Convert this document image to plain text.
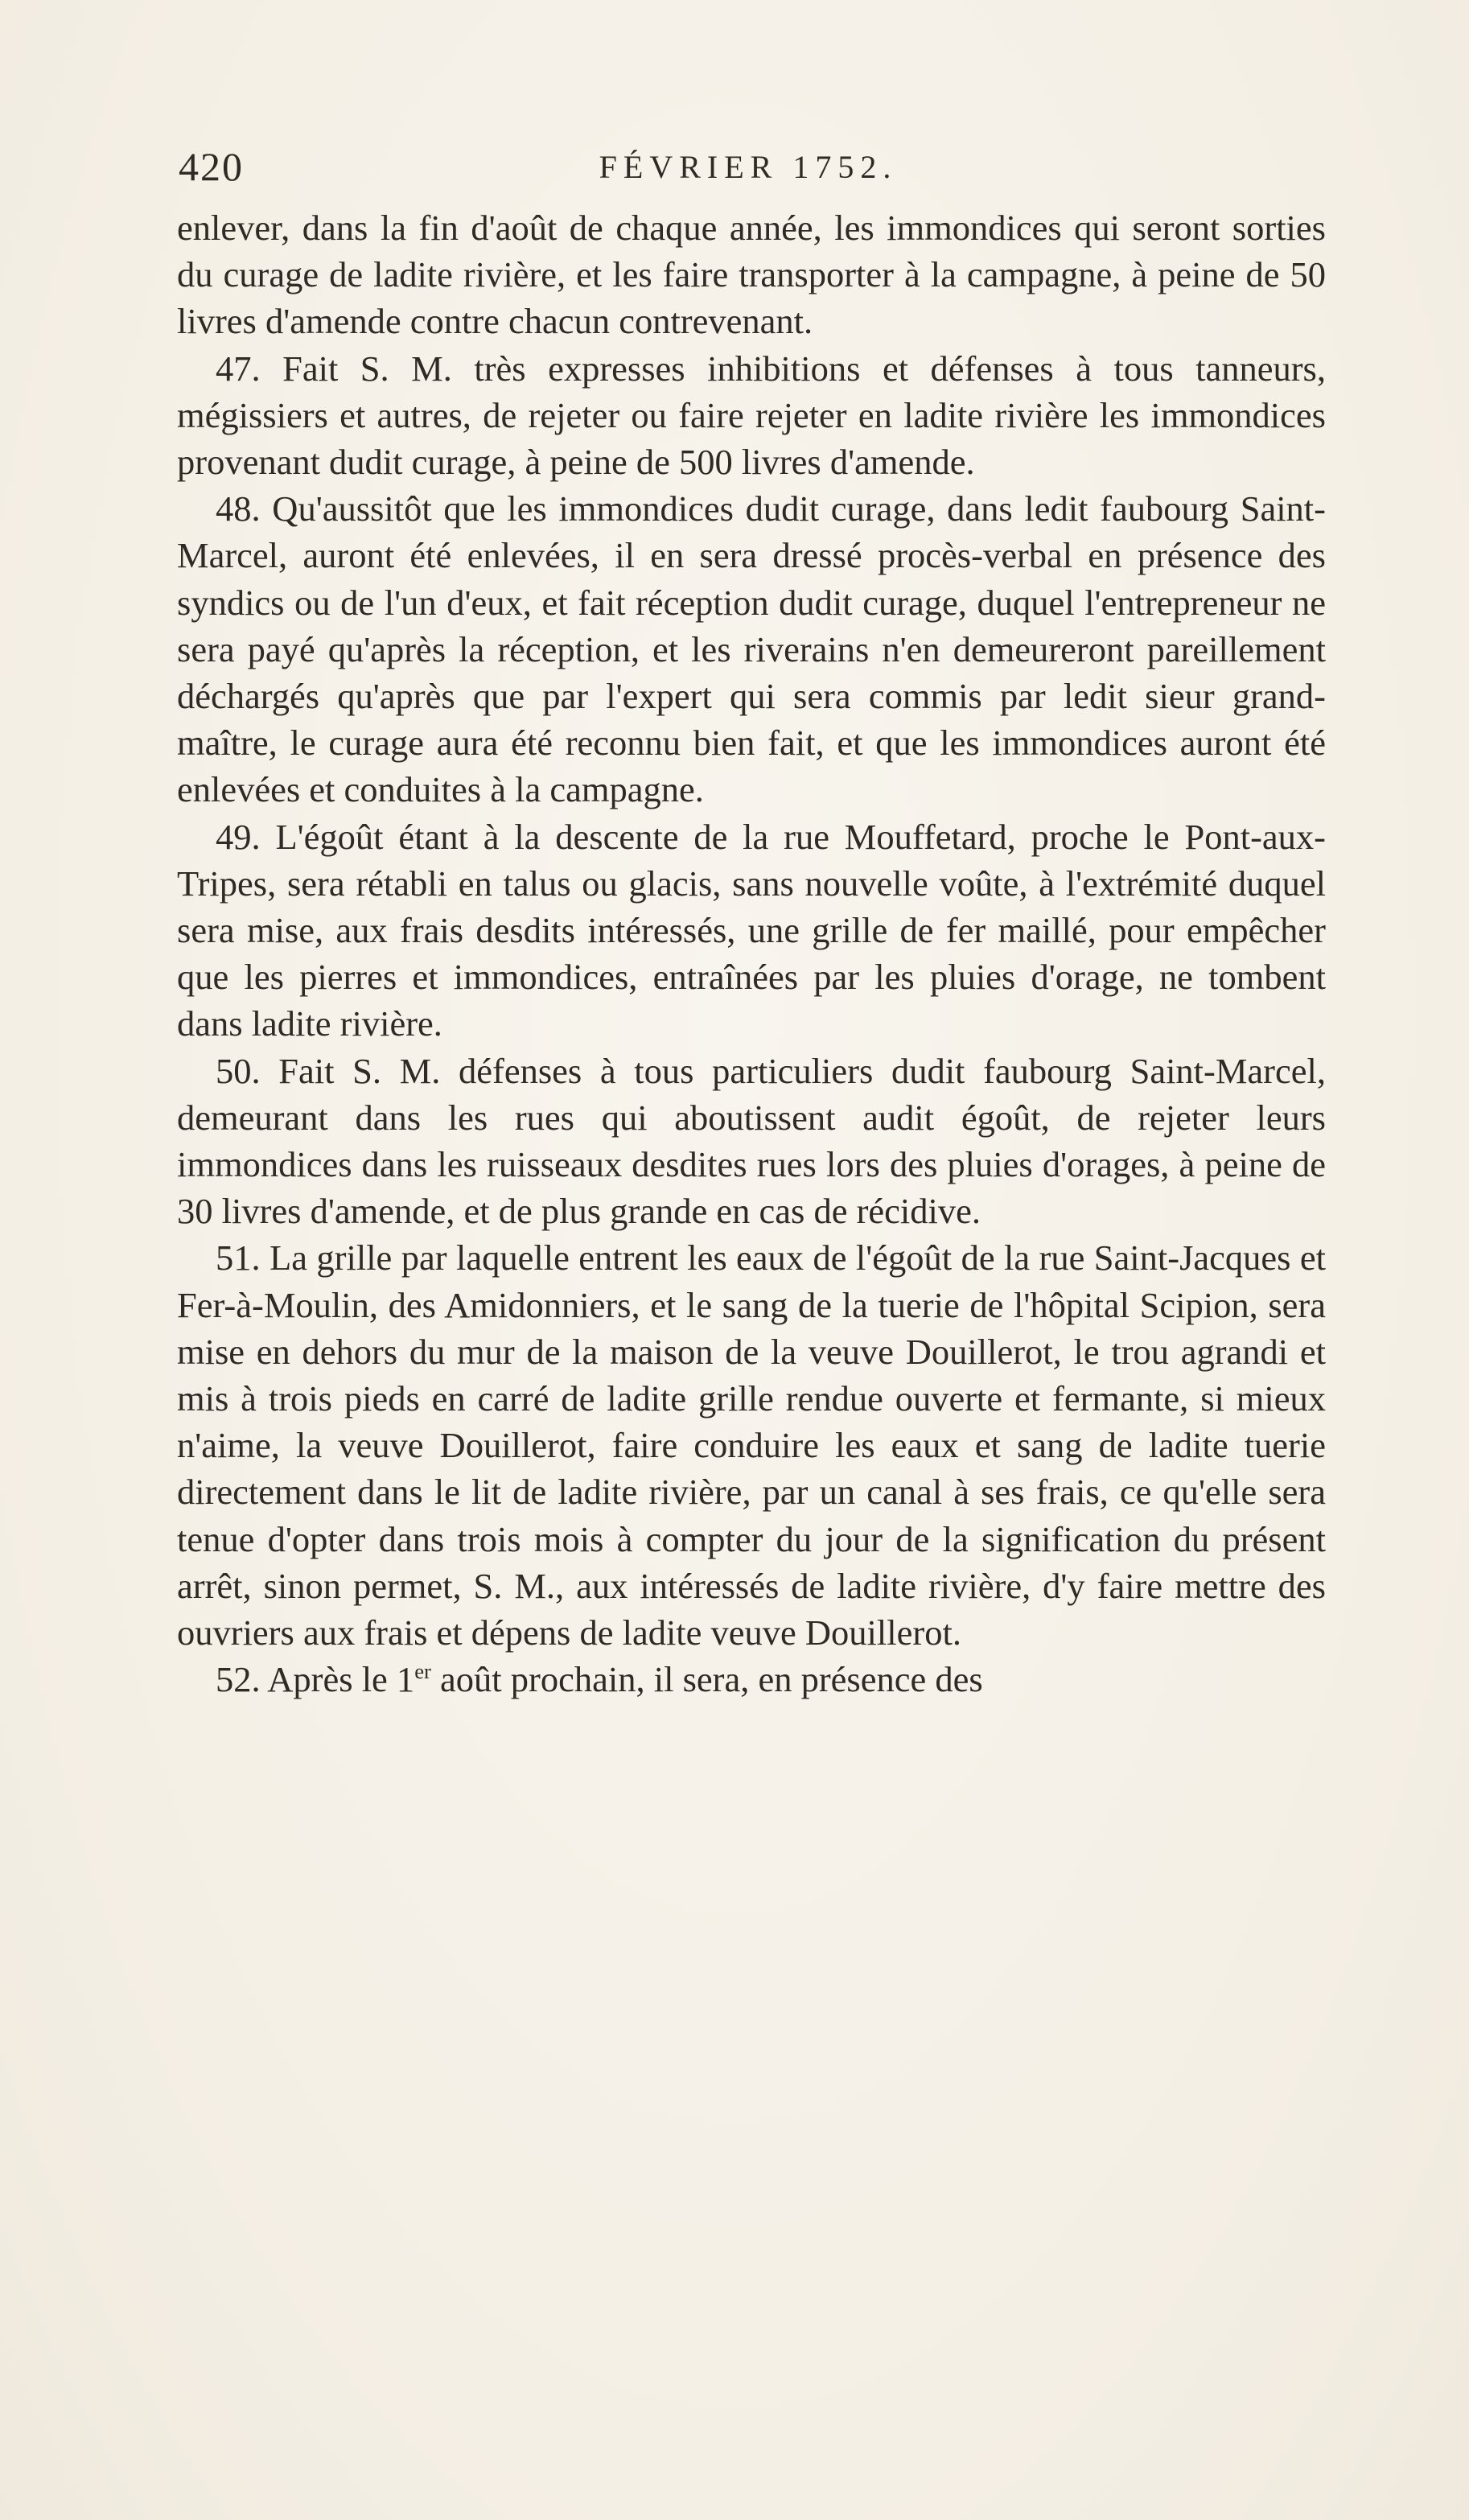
420	FÉVRIER 1752.

enlever, dans la fin d'août de chaque année, les immondices qui seront sorties du curage de ladite rivière, et les faire transporter à la campagne, à peine de 50 livres d'amende contre chacun contrevenant.

47. Fait S. M. très expresses inhibitions et défenses à tous tanneurs, mégissiers et autres, de rejeter ou faire rejeter en ladite rivière les immondices provenant dudit curage, à peine de 500 livres d'amende.

48. Qu'aussitôt que les immondices dudit curage, dans ledit faubourg Saint-Marcel, auront été enlevées, il en sera dressé procès-verbal en présence des syndics ou de l'un d'eux, et fait réception dudit curage, duquel l'entrepreneur ne sera payé qu'après la réception, et les riverains n'en demeureront pareillement déchargés qu'après que par l'expert qui sera commis par ledit sieur grand-maître, le curage aura été reconnu bien fait, et que les immondices auront été enlevées et conduites à la campagne.

49. L'égoût étant à la descente de la rue Mouffetard, proche le Pont-aux-Tripes, sera rétabli en talus ou glacis, sans nouvelle voûte, à l'extrémité duquel sera mise, aux frais desdits intéressés, une grille de fer maillé, pour empêcher que les pierres et immondices, entraînées par les pluies d'orage, ne tombent dans ladite rivière.

50. Fait S. M. défenses à tous particuliers dudit faubourg Saint-Marcel, demeurant dans les rues qui aboutissent audit égoût, de rejeter leurs immondices dans les ruisseaux desdites rues lors des pluies d'orages, à peine de 30 livres d'amende, et de plus grande en cas de récidive.

51. La grille par laquelle entrent les eaux de l'égoût de la rue Saint-Jacques et Fer-à-Moulin, des Amidonniers, et le sang de la tuerie de l'hôpital Scipion, sera mise en dehors du mur de la maison de la veuve Douillerot, le trou agrandi et mis à trois pieds en carré de ladite grille rendue ouverte et fermante, si mieux n'aime, la veuve Douillerot, faire conduire les eaux et sang de ladite tuerie directement dans le lit de ladite rivière, par un canal à ses frais, ce qu'elle sera tenue d'opter dans trois mois à compter du jour de la signification du présent arrêt, sinon permet, S. M., aux intéressés de ladite rivière, d'y faire mettre des ouvriers aux frais et dépens de ladite veuve Douillerot.

52. Après le 1er août prochain, il sera, en présence des
